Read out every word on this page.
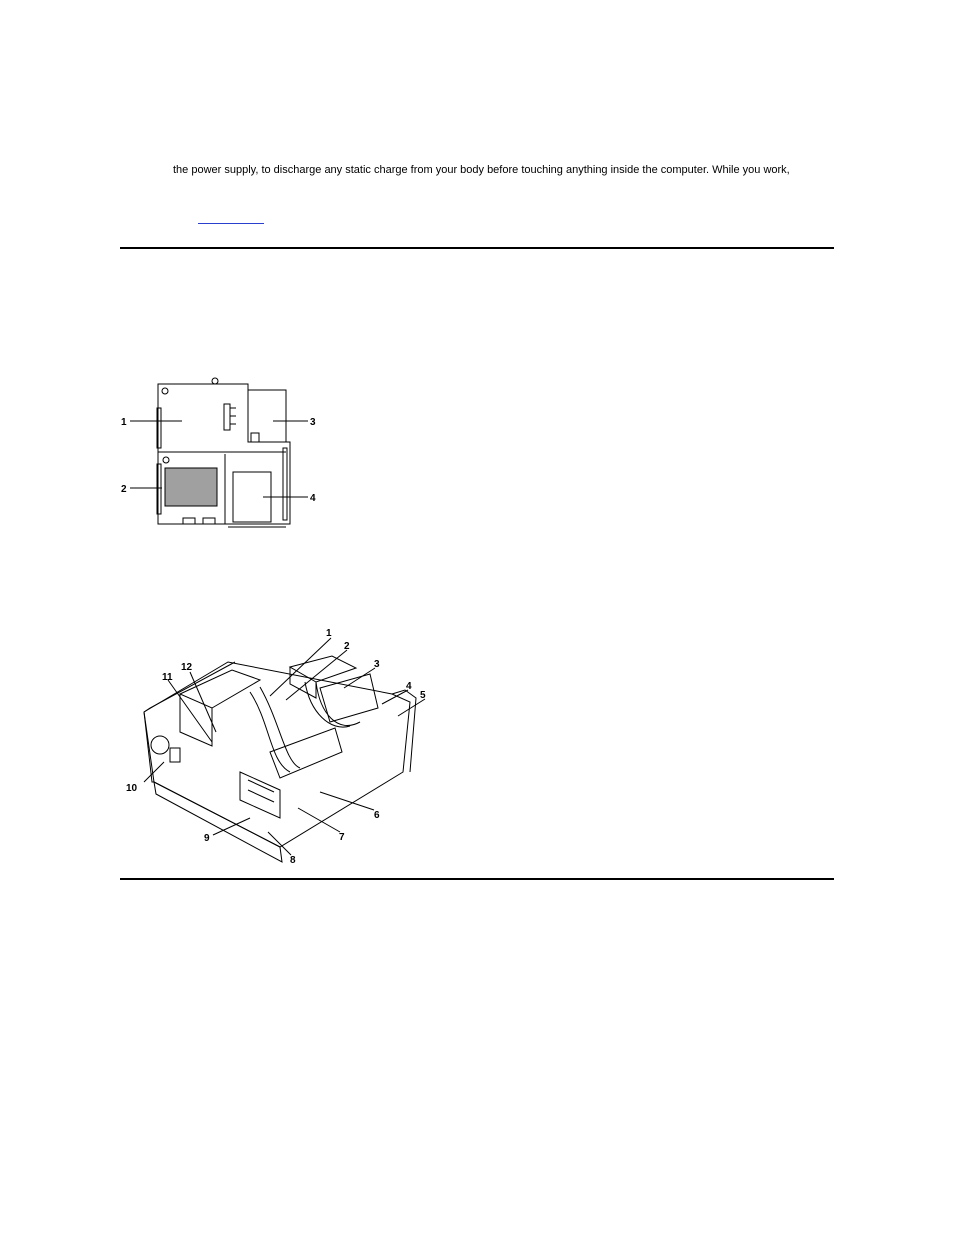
the power supply, to discharge any static charge from your body before touching anything inside the computer. While you work,
1
2
3
4
1
2
3
4
5
6
7
8
9
10
11
12
